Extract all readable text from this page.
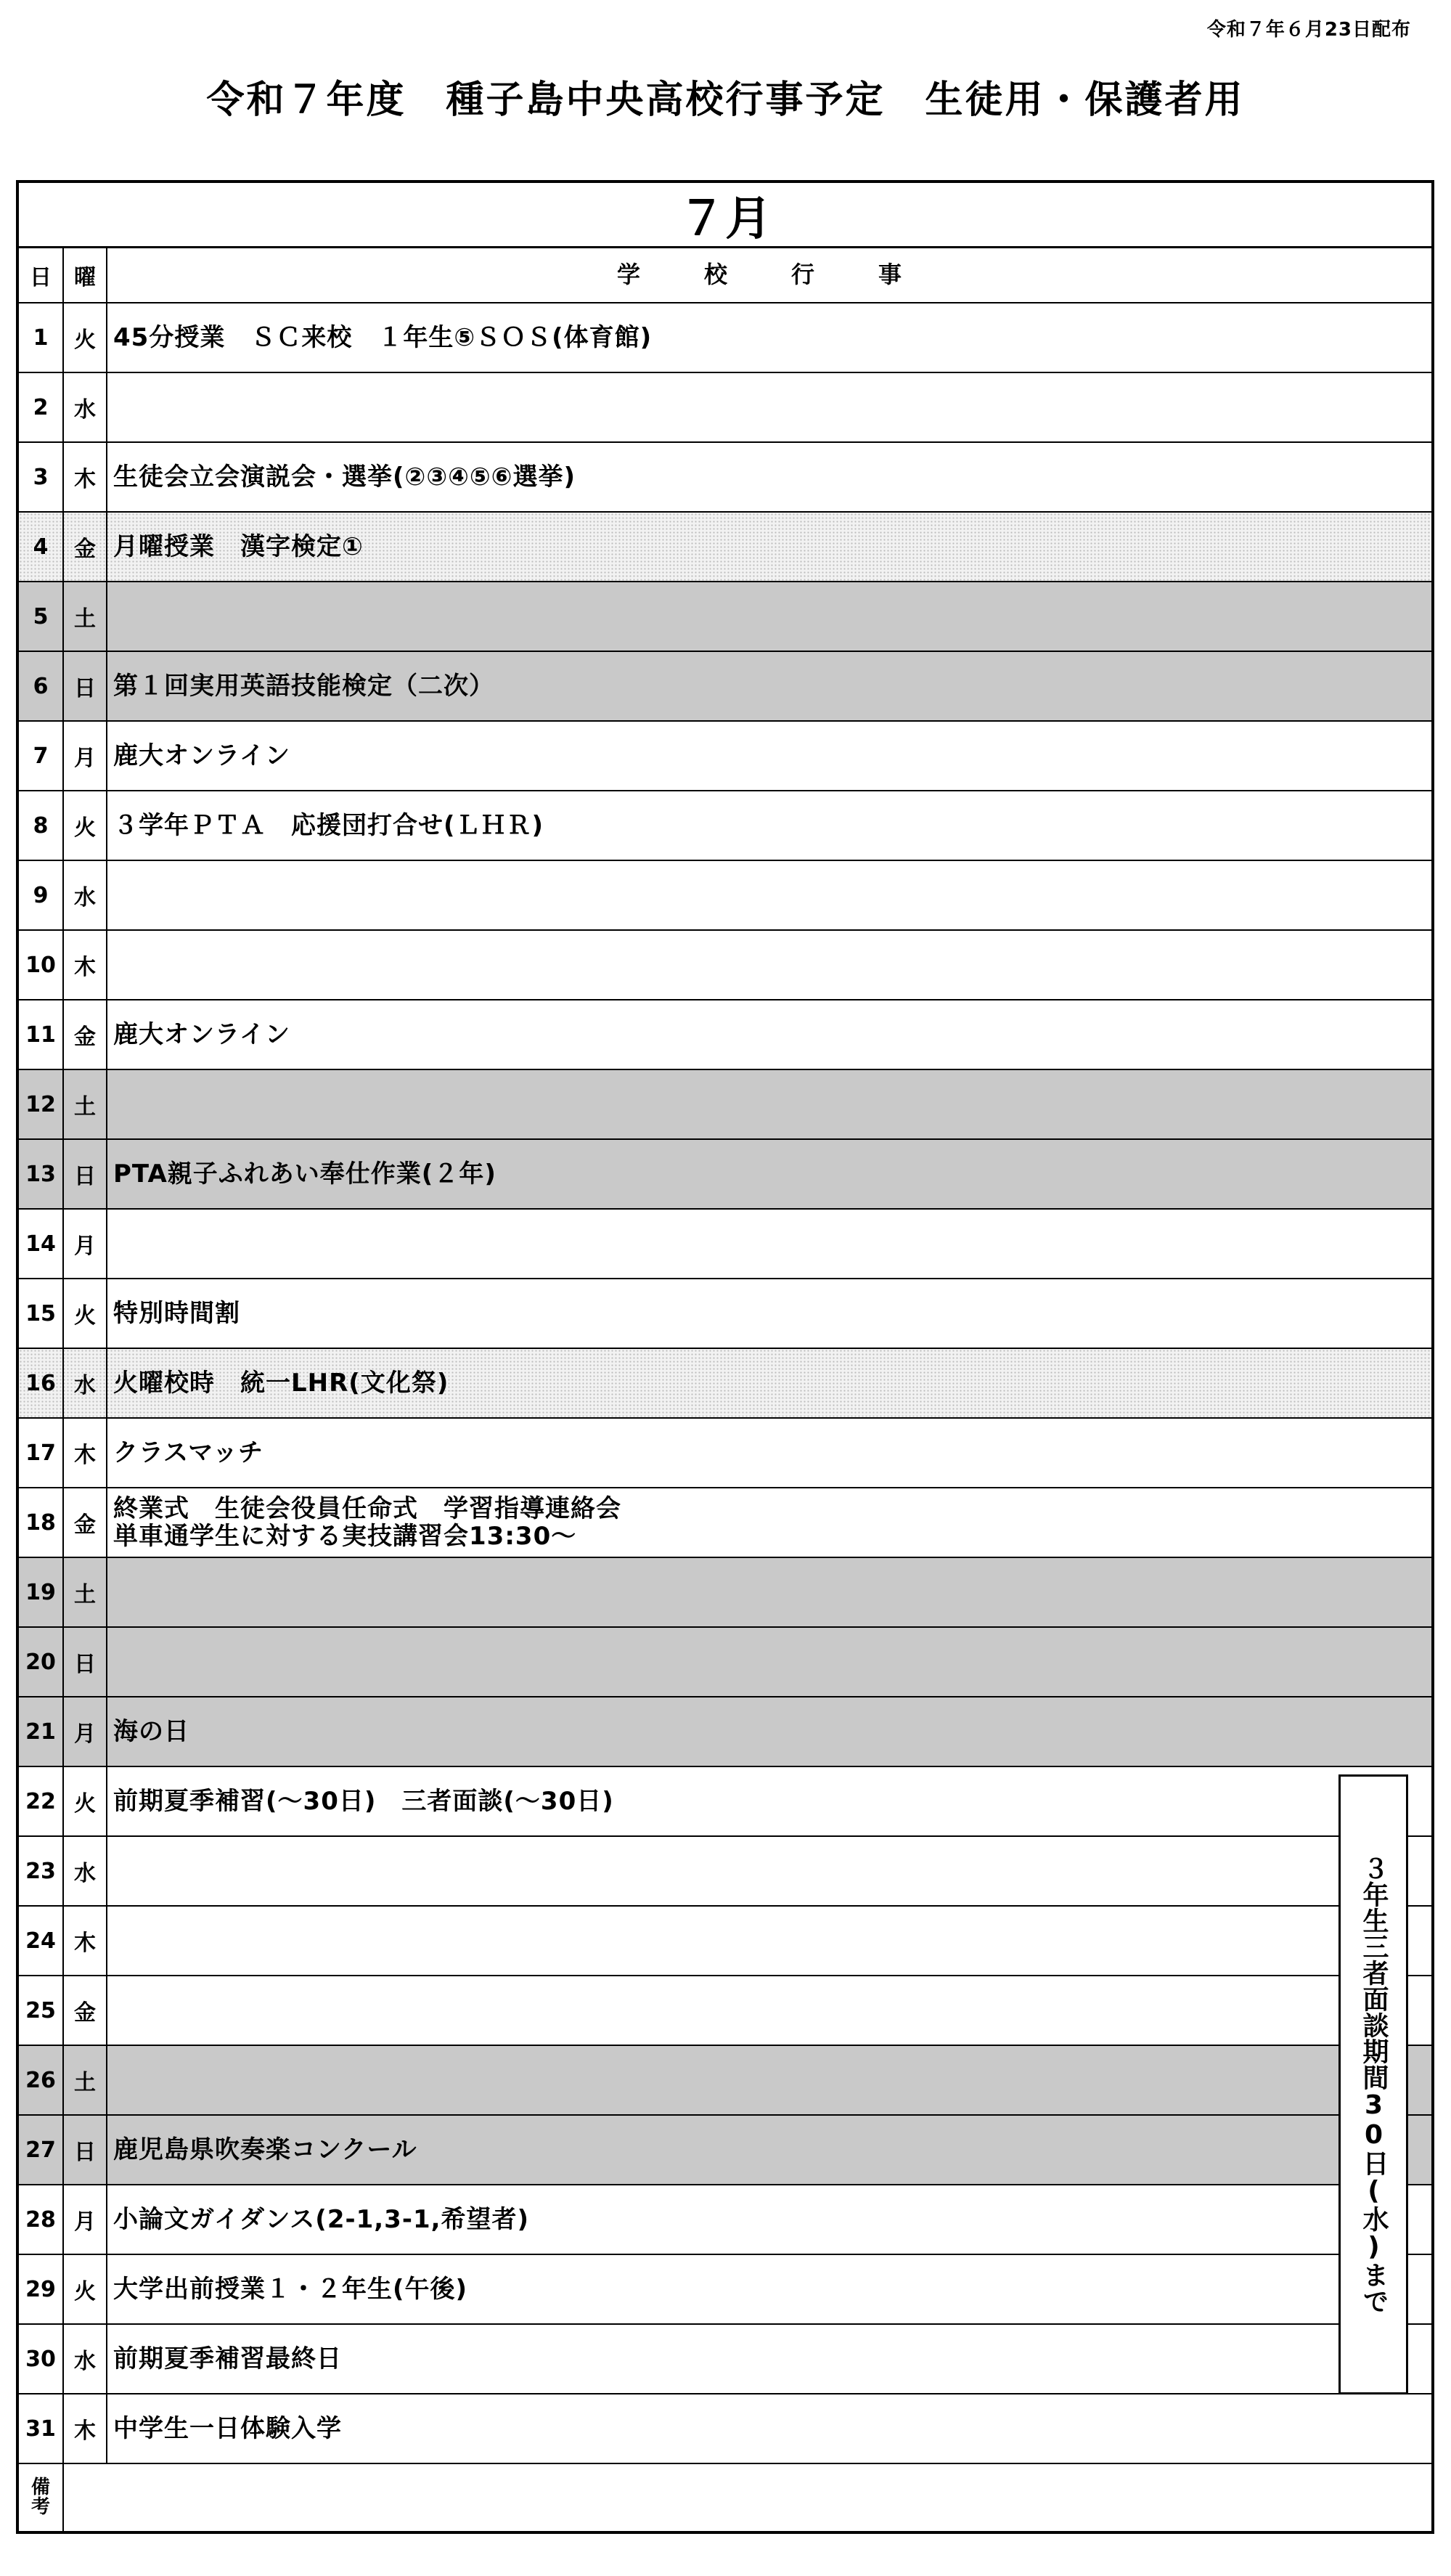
令和７年６月23日配布
令和７年度　種子島中央高校行事予定　生徒用・保護者用
７月
日	曜	学　校　行　事
1	火 45分授業　ＳＣ来校　１年生⑤ＳＯＳ(体育館)
2	水
3	木 生徒会立会演説会・選挙(②③④⑤⑥選挙)
4	金 月曜授業　漢字検定①
5	土
6	日 第１回実用英語技能検定（二次）
7	月 鹿大オンライン
8	火 ３学年ＰＴＡ　応援団打合せ(ＬＨＲ)
9	水
10 木
11 金 鹿大オンライン
12 土
13 日 PTA親子ふれあい奉仕作業(２年)
14 月
15 火 特別時間割
16 水 火曜校時　統一LHR(文化祭)
17 木 クラスマッチ
18 金
終業式　生徒会役員任命式　学習指導連絡会
単車通学生に対する実技講習会13:30～
19 土
20 日
21 月 海の日
22 火 前期夏季補習(～30日)　三者面談(～30日)
23 水
24 木
25 金
26 土
27 日 鹿児島県吹奏楽コンクール
28 月 小論文ガイダンス(2-1,3-1,希望者)
29 火 大学出前授業１・２年生(午後)
30 水 前期夏季補習最終日
31 木 中学生一日体験入学
備
考
３年生三者面談期間30日(水)まで
